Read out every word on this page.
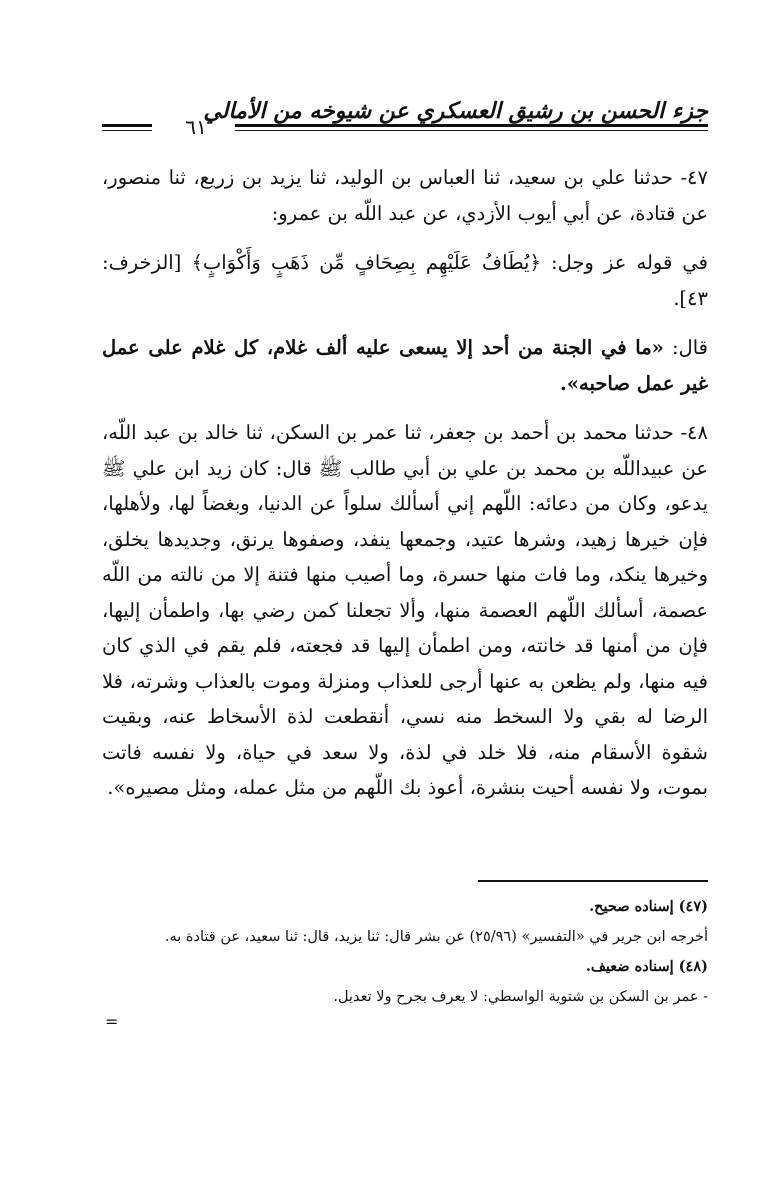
جزء الحسن بن رشيق العسكري عن شيوخه من الأمالي
٦١

٤٧- حدثنا علي بن سعيد، ثنا العباس بن الوليد، ثنا يزيد بن زريع، ثنا منصور، عن قتادة، عن أبي أيوب الأزدي، عن عبد اللّه بن عمرو:

في قوله عز وجل: ﴿يُطَافُ عَلَيْهِم بِصِحَافٍ مِّن ذَهَبٍ وَأَكْوَابٍ﴾ [الزخرف: ٤٣].

قال: «ما في الجنة من أحد إلا يسعى عليه ألف غلام، كل غلام على عمل غير عمل صاحبه».

٤٨- حدثنا محمد بن أحمد بن جعفر، ثنا عمر بن السكن، ثنا خالد بن عبد اللّه، عن عبيداللّه بن محمد بن علي بن أبي طالب ﷺ قال: كان زيد ابن علي ﷺ يدعو، وكان من دعائه: اللّهم إني أسألك سلواً عن الدنيا، وبغضاً لها، ولأهلها، فإن خيرها زهيد، وشرها عتيد، وجمعها ينفد، وصفوها يرنق، وجديدها يخلق، وخيرها ينكد، وما فات منها حسرة، وما أصيب منها فتنة إلا من نالته من اللّه عصمة، أسألك اللّهم العصمة منها، وألا تجعلنا كمن رضي بها، واطمأن إليها، فإن من أمنها قد خانته، ومن اطمأن إليها قد فجعته، فلم يقم في الذي كان فيه منها، ولم يظعن به عنها أرجى للعذاب ومنزلة وموت بالعذاب وشرته، فلا الرضا له بقي ولا السخط منه نسي، أنقطعت لذة الأسخاط عنه، وبقيت شقوة الأسقام منه، فلا خلد في لذة، ولا سعد في حياة، ولا نفسه فاتت بموت، ولا نفسه أحيت بنشرة، أعوذ بك اللّهم من مثل عمله، ومثل مصيره».

(٤٧) إسناده صحيح.

أخرجه ابن جرير في «التفسير» (٢٥/٩٦) عن بشر قال: ثنا يزيد، قال: ثنا سعيد، عن قتادة به.

(٤٨) إسناده ضعيف.

- عمر بن السكن بن شتوية الواسطي: لا يعرف بجرح ولا تعديل.

=
